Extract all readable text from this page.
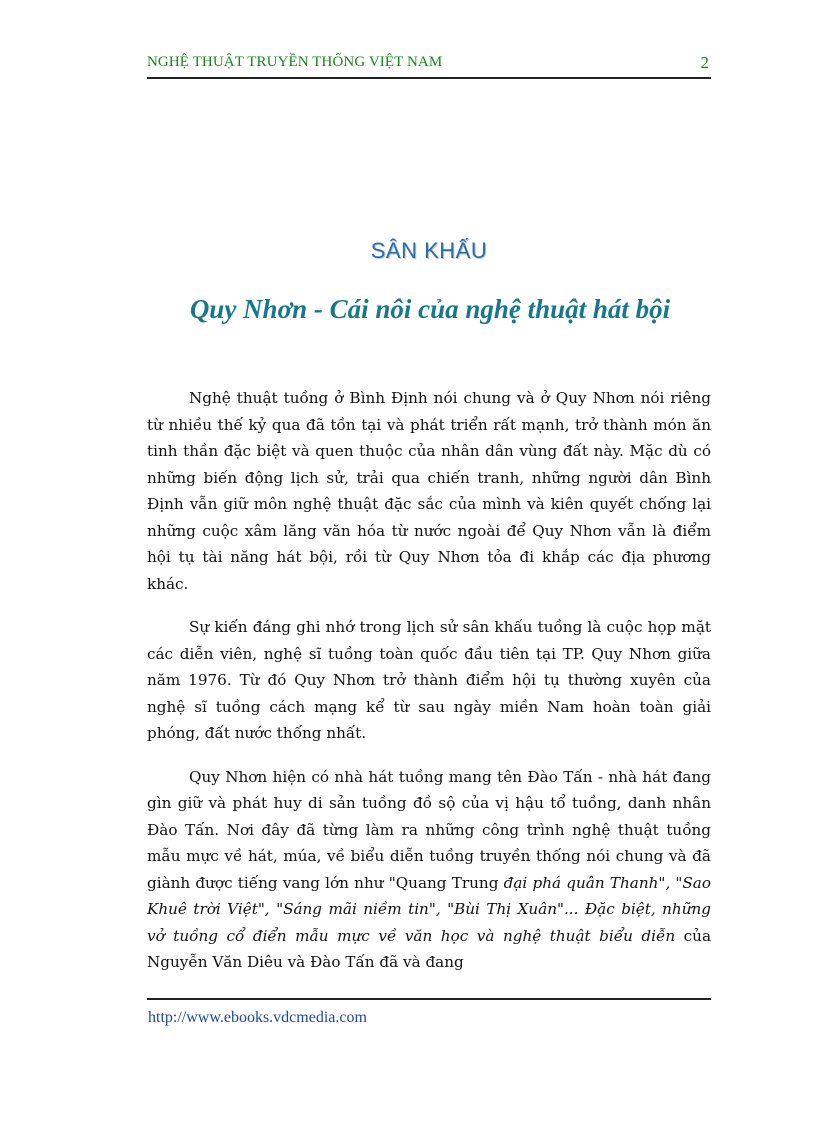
NGHỆ THUẬT TRUYỀN THỐNG VIỆT NAM	2
SÂN KHẤU
Quy Nhơn - Cái nôi của nghệ thuật hát bội

Nghệ thuật tuồng ở Bình Định nói chung và ở Quy Nhơn nói riêng từ nhiều thế kỷ qua đã tồn tại và phát triển rất mạnh, trở thành món ăn tinh thần đặc biệt và quen thuộc của nhân dân vùng đất này. Mặc dù có những biến động lịch sử, trải qua chiến tranh, những người dân Bình Định vẫn giữ môn nghệ thuật đặc sắc của mình và kiên quyết chống lại những cuộc xâm lăng văn hóa từ nước ngoài để Quy Nhơn vẫn là điểm hội tụ tài năng hát bội, rồi từ Quy Nhơn tỏa đi khắp các địa phương khác.

Sự kiến đáng ghi nhớ trong lịch sử sân khấu tuồng là cuộc họp mặt các diễn viên, nghệ sĩ tuồng toàn quốc đầu tiên tại TP. Quy Nhơn giữa năm 1976. Từ đó Quy Nhơn trở thành điểm hội tụ thường xuyên của nghệ sĩ tuồng cách mạng kể từ sau ngày miền Nam hoàn toàn giải phóng, đất nước thống nhất.

Quy Nhơn hiện có nhà hát tuồng mang tên Đào Tấn - nhà hát đang gìn giữ và phát huy di sản tuồng đồ sộ của vị hậu tổ tuồng, danh nhân Đào Tấn. Nơi đây đã từng làm ra những công trình nghệ thuật tuồng mẫu mực về hát, múa, về biểu diễn tuồng truyền thống nói chung và đã giành được tiếng vang lớn như "Quang Trung đại phá quân Thanh", "Sao Khuê trời Việt", "Sáng mãi niềm tin", "Bùi Thị Xuân"... Đặc biệt, những vở tuồng cổ điển mẫu mực về văn học và nghệ thuật biểu diễn của Nguyễn Văn Diêu và Đào Tấn đã và đang

http://www.ebooks.vdcmedia.com
